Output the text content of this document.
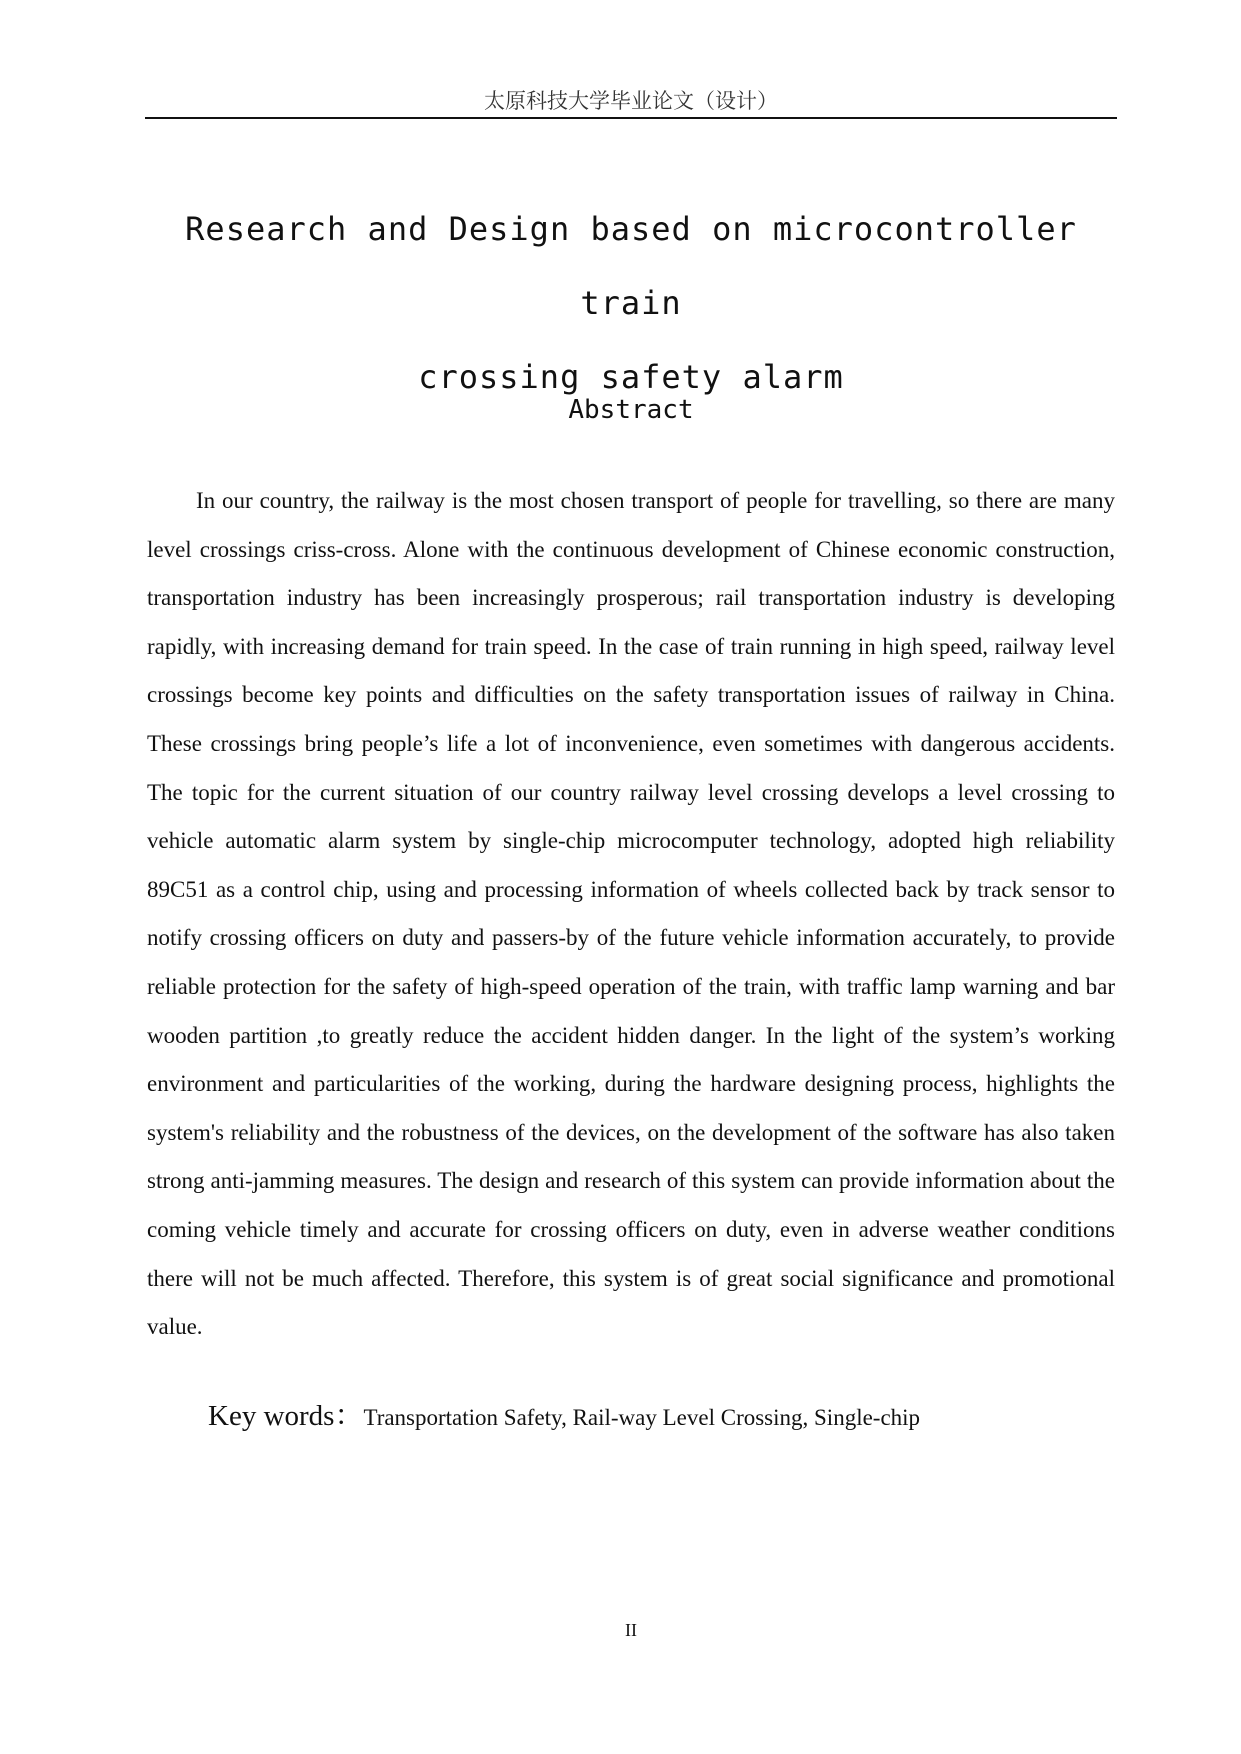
太原科技大学毕业论文（设计）
Research and Design based on microcontroller train
crossing safety alarm
Abstract

In our country, the railway is the most chosen transport of people for travelling, so there are many level crossings criss-cross. Alone with the continuous development of Chinese economic construction, transportation industry has been increasingly prosperous; rail transportation industry is developing rapidly, with increasing demand for train speed. In the case of train running in high speed, railway level crossings become key points and difficulties on the safety transportation issues of railway in China. These crossings bring people’s life a lot of inconvenience, even sometimes with dangerous accidents. The topic for the current situation of our country railway level crossing develops a level crossing to vehicle automatic alarm system by single-chip microcomputer technology, adopted high reliability 89C51 as a control chip, using and processing information of wheels collected back by track sensor to notify crossing officers on duty and passers-by of the future vehicle information accurately, to provide reliable protection for the safety of high-speed operation of the train, with traffic lamp warning and bar wooden partition ,to greatly reduce the accident hidden danger. In the light of the system’s working environment and particularities of the working, during the hardware designing process, highlights the system's reliability and the robustness of the devices, on the development of the software has also taken strong anti-jamming measures. The design and research of this system can provide information about the coming vehicle timely and accurate for crossing officers on duty, even in adverse weather conditions there will not be much affected. Therefore, this system is of great social significance and promotional value.

Key words：Transportation Safety, Rail-way Level Crossing, Single-chip

II
